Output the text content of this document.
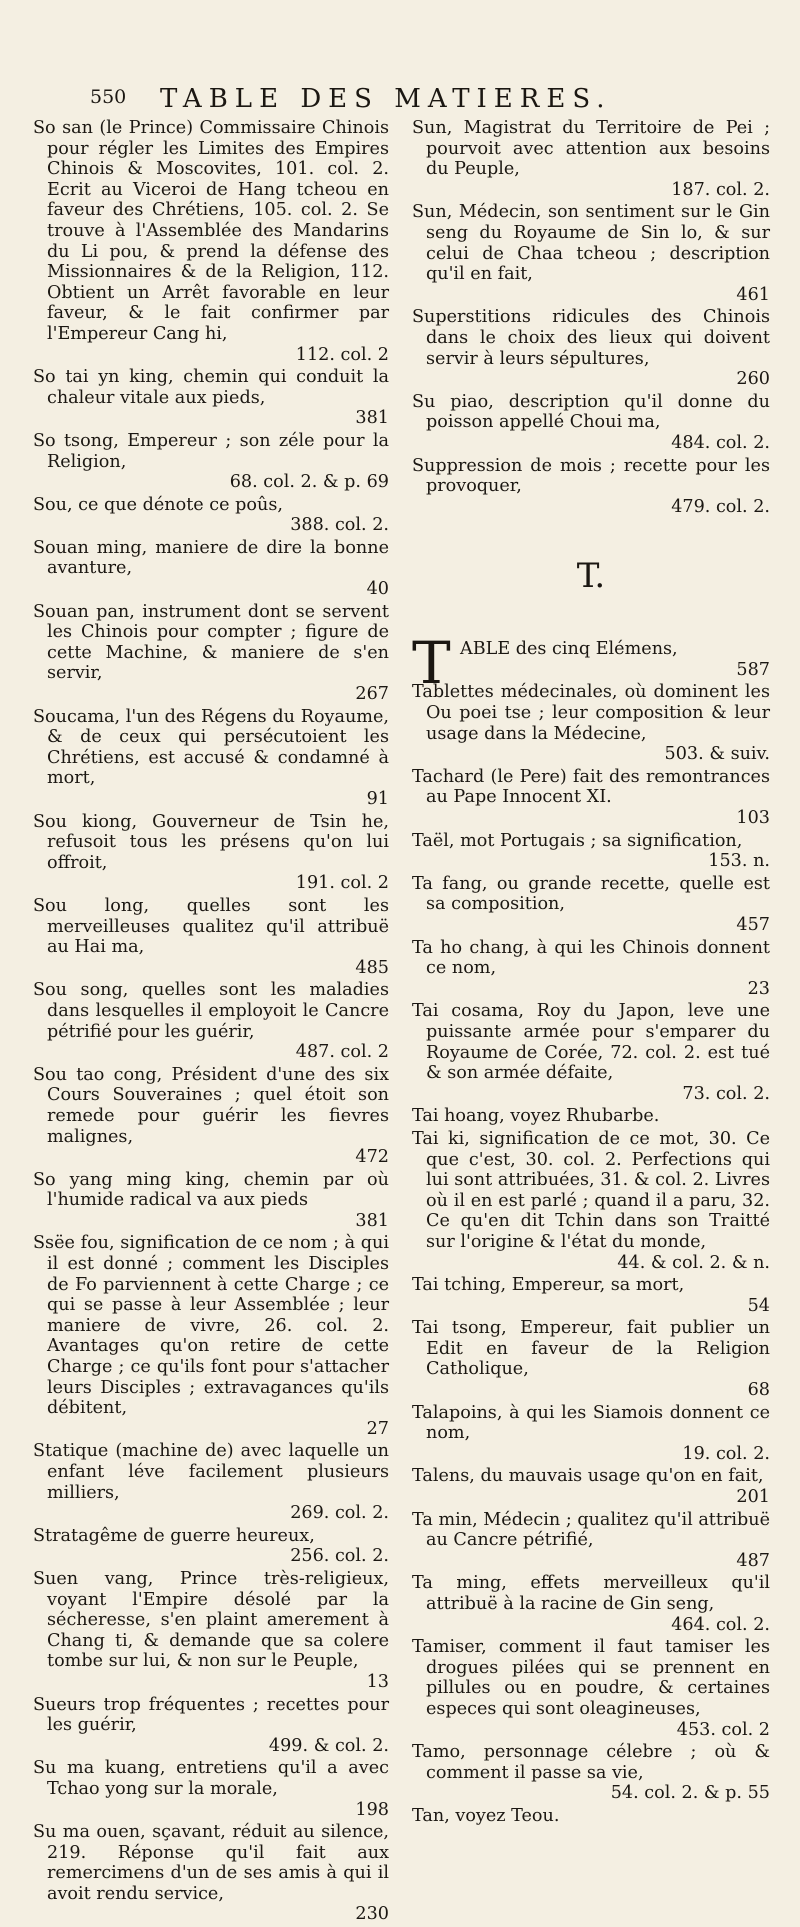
550 TABLE DES MATIERES.
So san (le Prince) Commissaire Chinois pour régler les Limites des Empires Chinois & Moscovites, 101. col. 2. Ecrit au Viceroi de Hang tcheou en faveur des Chrétiens, 105. col. 2. Se trouve à l'Assemblée des Mandarins du Li pou, & prend la défense des Missionnaires & de la Religion, 112. Obtient un Arrêt favorable en leur faveur, & le fait confirmer par l'Empereur Cang hi,
112. col. 2
So tai yn king, chemin qui conduit la chaleur vitale aux pieds,
381
So tsong, Empereur ; son zéle pour la Religion,
68. col. 2. & p. 69
Sou, ce que dénote ce poûs,
388. col. 2.
Souan ming, maniere de dire la bonne avanture,
40
Souan pan, instrument dont se servent les Chinois pour compter ; figure de cette Machine, & maniere de s'en servir,
267
Soucama, l'un des Régens du Royaume, & de ceux qui persécutoient les Chrétiens, est accusé & condamné à mort,
91
Sou kiong, Gouverneur de Tsin he, refusoit tous les présens qu'on lui offroit,
191. col. 2
Sou long, quelles sont les merveilleuses qualitez qu'il attribuë au Hai ma,
485
Sou song, quelles sont les maladies dans lesquelles il employoit le Cancre pétrifié pour les guérir,
487. col. 2
Sou tao cong, Président d'une des six Cours Souveraines ; quel étoit son remede pour guérir les fievres malignes,
472
So yang ming king, chemin par où l'humide radical va aux pieds
381
Ssëe fou, signification de ce nom ; à qui il est donné ; comment les Disciples de Fo parviennent à cette Charge ; ce qui se passe à leur Assemblée ; leur maniere de vivre, 26. col. 2. Avantages qu'on retire de cette Charge ; ce qu'ils font pour s'attacher leurs Disciples ; extravagances qu'ils débitent,
27
Statique (machine de) avec laquelle un enfant léve facilement plusieurs milliers,
269. col. 2.
Stratagême de guerre heureux,
256. col. 2.
Suen vang, Prince très-religieux, voyant l'Empire désolé par la sécheresse, s'en plaint amerement à Chang ti, & demande que sa colere tombe sur lui, & non sur le Peuple,
13
Sueurs trop fréquentes ; recettes pour les guérir,
499. & col. 2.
Su ma kuang, entretiens qu'il a avec Tchao yong sur la morale,
198
Su ma ouen, sçavant, réduit au silence, 219. Réponse qu'il fait aux remercimens d'un de ses amis à qui il avoit rendu service,
230
Sun, Magistrat du Territoire de Pei ; pourvoit avec attention aux besoins du Peuple,
187. col. 2.
Sun, Médecin, son sentiment sur le Gin seng du Royaume de Sin lo, & sur celui de Chaa tcheou ; description qu'il en fait,
461
Superstitions ridicules des Chinois dans le choix des lieux qui doivent servir à leurs sépultures,
260
Su piao, description qu'il donne du poisson appellé Choui ma,
484. col. 2.
Suppression de mois ; recette pour les provoquer,
479. col. 2.
T.
T ABLE des cinq Elémens,
587
Tablettes médecinales, où dominent les Ou poei tse ; leur composition & leur usage dans la Médecine,
503. & suiv.
Tachard (le Pere) fait des remontrances au Pape Innocent XI.
103
Taël, mot Portugais ; sa signification,
153. n.
Ta fang, ou grande recette, quelle est sa composition,
457
Ta ho chang, à qui les Chinois donnent ce nom,
23
Tai cosama, Roy du Japon, leve une puissante armée pour s'emparer du Royaume de Corée, 72. col. 2. est tué & son armée défaite,
73. col. 2.
Tai hoang, voyez Rhubarbe.
Tai ki, signification de ce mot, 30. Ce que c'est, 30. col. 2. Perfections qui lui sont attribuées, 31. & col. 2. Livres où il en est parlé ; quand il a paru, 32. Ce qu'en dit Tchin dans son Traitté sur l'origine & l'état du monde,
44. & col. 2. & n.
Tai tching, Empereur, sa mort,
54
Tai tsong, Empereur, fait publier un Edit en faveur de la Religion Catholique,
68
Talapoins, à qui les Siamois donnent ce nom,
19. col. 2.
Talens, du mauvais usage qu'on en fait,
201
Ta min, Médecin ; qualitez qu'il attribuë au Cancre pétrifié,
487
Ta ming, effets merveilleux qu'il attribuë à la racine de Gin seng,
464. col. 2.
Tamiser, comment il faut tamiser les drogues pilées qui se prennent en pillules ou en poudre, & certaines especes qui sont oleagineuses,
453. col. 2
Tamo, personnage célebre ; où & comment il passe sa vie,
54. col. 2. & p. 55
Tan, voyez Teou.
